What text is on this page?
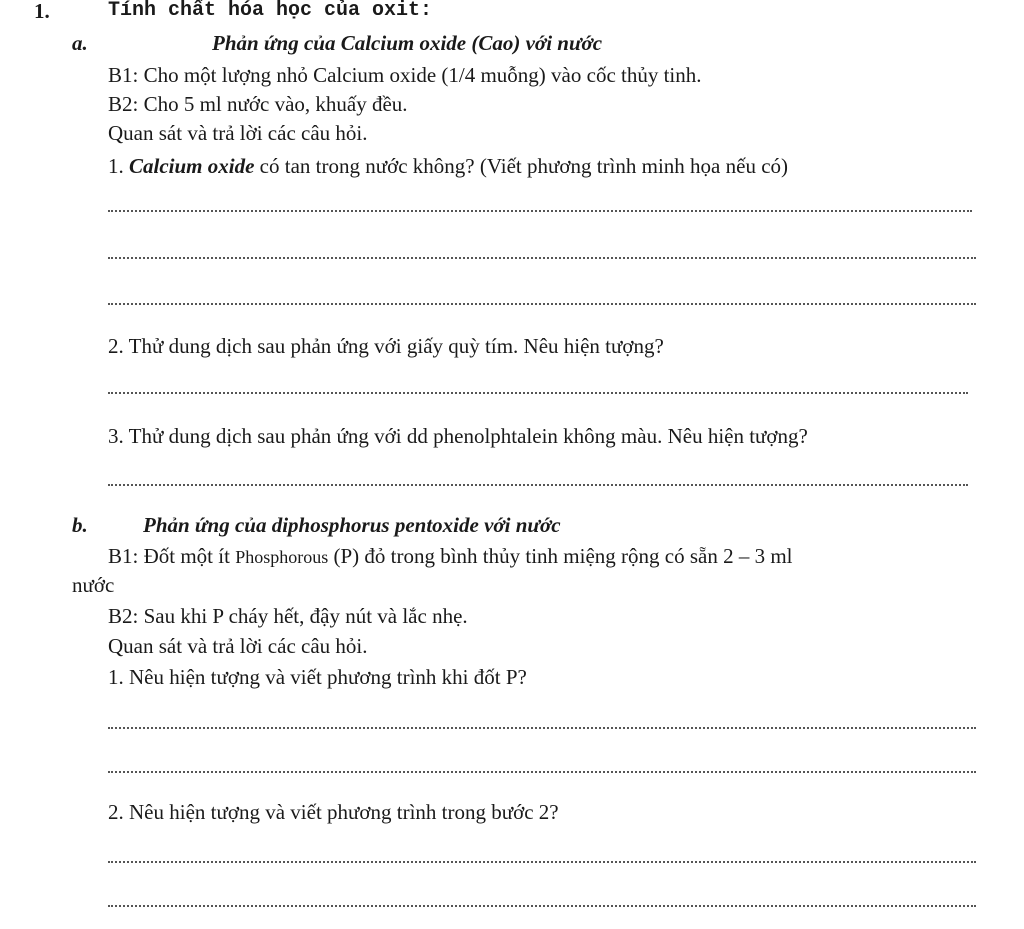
1.	Tính chất hóa học của oxit:
a.	Phản ứng của Calcium oxide (Cao) với nước
B1: Cho một lượng nhỏ Calcium oxide (1/4 muỗng) vào cốc thủy tinh.
B2: Cho 5 ml nước vào, khuấy đều.
Quan sát và trả lời các câu hỏi.
1. Calcium oxide có tan trong nước không? (Viết phương trình minh họa nếu có)
2. Thử dung dịch sau phản ứng với giấy quỳ tím. Nêu hiện tượng?
3. Thử dung dịch sau phản ứng với dd phenolphtalein không màu. Nêu hiện tượng?
b.	Phản ứng của diphosphorus pentoxide với nước
B1: Đốt một ít Phosphorous (P) đỏ trong bình thủy tinh miệng rộng có sẵn 2 – 3 ml
nước
B2: Sau khi P cháy hết, đậy nút và lắc nhẹ.
Quan sát và trả lời các câu hỏi.
1. Nêu hiện tượng và viết phương trình khi đốt P?
2. Nêu hiện tượng và viết phương trình trong bước 2?
